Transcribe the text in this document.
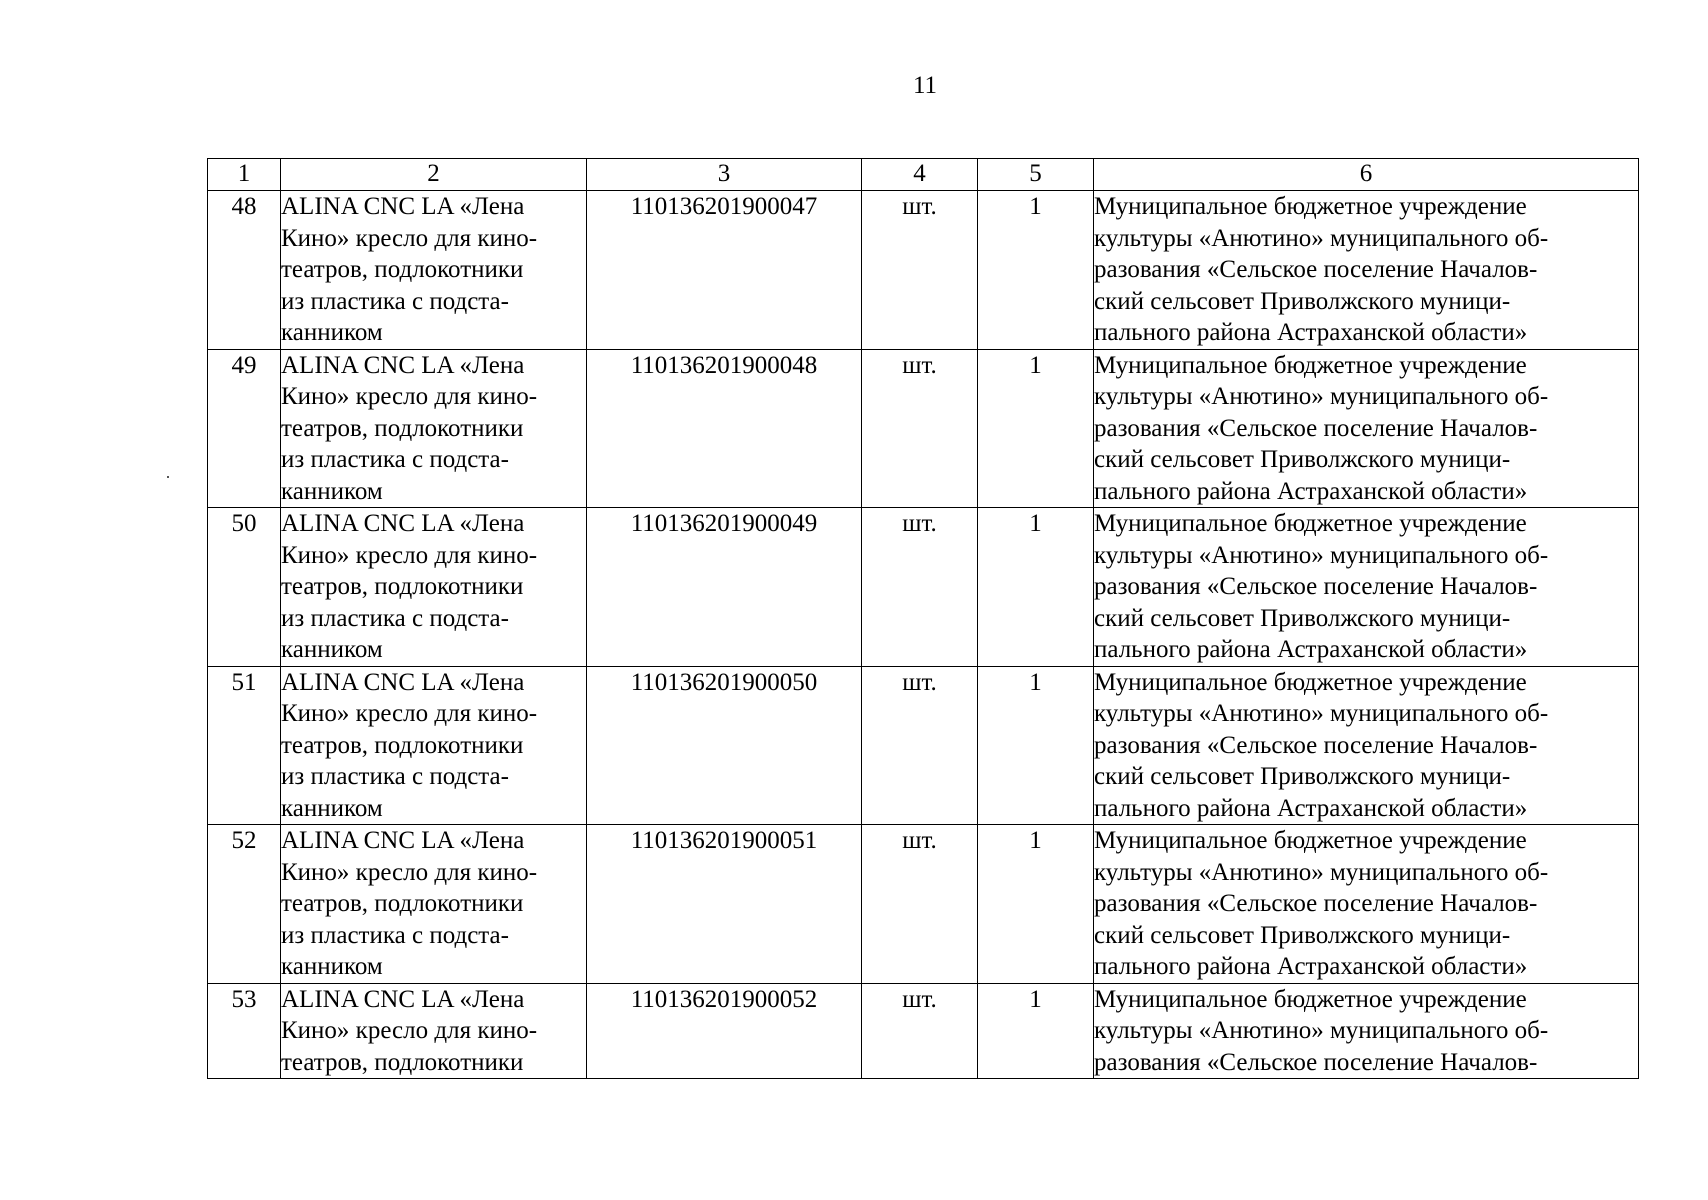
11
1	2	3	4	5	6
48	ALINA CNC LA «Лена
Кино» кресло для кино-
театров, подлокотники
из пластика с подста-
канником	110136201900047	шт.	1	Муниципальное бюджетное учреждение
культуры «Анютино» муниципального об-
разования «Сельское поселение Началов-
ский сельсовет Приволжского муници-
пального района Астраханской области»

49	ALINA CNC LA «Лена
Кино» кресло для кино-
театров, подлокотники
из пластика с подста-
канником	110136201900048	шт.	1	Муниципальное бюджетное учреждение
культуры «Анютино» муниципального об-
разования «Сельское поселение Началов-
ский сельсовет Приволжского муници-
пального района Астраханской области»

50	ALINA CNC LA «Лена
Кино» кресло для кино-
театров, подлокотники
из пластика с подста-
канником	110136201900049	шт.	1	Муниципальное бюджетное учреждение
культуры «Анютино» муниципального об-
разования «Сельское поселение Началов-
ский сельсовет Приволжского муници-
пального района Астраханской области»

51	ALINA CNC LA «Лена
Кино» кресло для кино-
театров, подлокотники
из пластика с подста-
канником	110136201900050	шт.	1	Муниципальное бюджетное учреждение
культуры «Анютино» муниципального об-
разования «Сельское поселение Началов-
ский сельсовет Приволжского муници-
пального района Астраханской области»

52	ALINA CNC LA «Лена
Кино» кресло для кино-
театров, подлокотники
из пластика с подста-
канником	110136201900051	шт.	1	Муниципальное бюджетное учреждение
культуры «Анютино» муниципального об-
разования «Сельское поселение Началов-
ский сельсовет Приволжского муници-
пального района Астраханской области»

53	ALINA CNC LA «Лена
Кино» кресло для кино-
театров, подлокотники	110136201900052	шт.	1	Муниципальное бюджетное учреждение
культуры «Анютино» муниципального об-
разования «Сельское поселение Началов-
